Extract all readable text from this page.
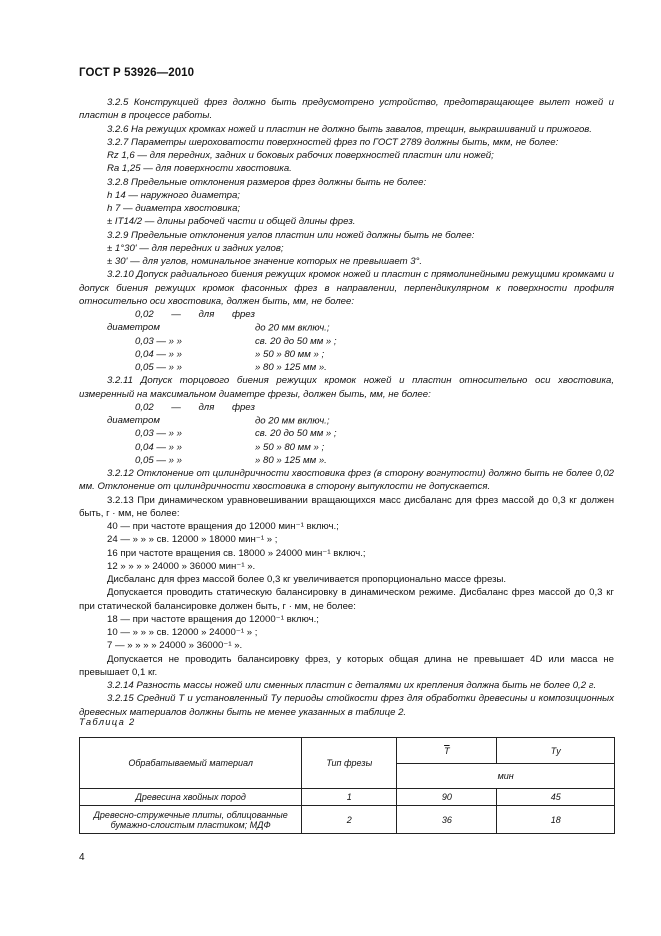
ГОСТ Р 53926—2010

3.2.5 Конструкцией фрез должно быть предусмотрено устройство, предотвращающее вылет ножей и пластин в процессе работы.

3.2.6 На режущих кромках ножей и пластин не должно быть завалов, трещин, выкрашиваний и прижогов.

3.2.7 Параметры шероховатости поверхностей фрез по ГОСТ 2789 должны быть, мкм, не более:

Rz 1,6 — для передних, задних и боковых рабочих поверхностей пластин или ножей;

Ra 1,25 — для поверхности хвостовика.

3.2.8 Предельные отклонения размеров фрез должны быть не более:

h 14 — наружного диаметра;

h 7 — диаметра хвостовика;

± IT14/2 — длины рабочей части и общей длины фрез.

3.2.9 Предельные отклонения углов пластин или ножей должны быть не более:

± 1°30' — для передних и задних углов;

± 30' — для углов, номинальное значение которых не превышает 3°.

3.2.10 Допуск радиального биения режущих кромок ножей и пластин с прямолинейными режущими кромками и допуск биения режущих кромок фасонных фрез в направлении, перпендикулярном к поверхности профиля относительно оси хвостовика, должен быть, мм, не более:

0,02 — для фрез диаметром	до 20 мм включ.;

0,03 — » »	св. 20 до 50 мм » ;

0,04 — » »	» 50 » 80 мм » ;

0,05 — » »	» 80 » 125 мм ».

3.2.11 Допуск торцового биения режущих кромок ножей и пластин относительно оси хвостовика, измеренный на максимальном диаметре фрезы, должен быть, мм, не более:

0,02 — для фрез диаметром	до 20 мм включ.;

0,03 — » »	св. 20 до 50 мм » ;

0,04 — » »	» 50 » 80 мм » ;

0,05 — » »	» 80 » 125 мм ».

3.2.12 Отклонение от цилиндричности хвостовика фрез (в сторону вогнутости) должно быть не более 0,02 мм. Отклонение от цилиндричности хвостовика в сторону выпуклости не допускается.

3.2.13 При динамическом уравновешивании вращающихся масс дисбаланс для фрез массой до 0,3 кг должен быть, г · мм, не более:

40 — при частоте вращения до 12000 мин⁻¹ включ.;

24 — » » » св. 12000 » 18000 мин⁻¹ » ;

16 при частоте вращения св. 18000 » 24000 мин⁻¹ включ.;

12 » » » » 24000 » 36000 мин⁻¹ ».

Дисбаланс для фрез массой более 0,3 кг увеличивается пропорционально массе фрезы.

Допускается проводить статическую балансировку в динамическом режиме. Дисбаланс фрез массой до 0,3 кг при статической балансировке должен быть, г · мм, не более:

18 — при частоте вращения до 12000⁻¹ включ.;

10 — » » » св. 12000 » 24000⁻¹ » ;

7 — » » » » 24000 » 36000⁻¹ ».

Допускается не проводить балансировку фрез, у которых общая длина не превышает 4D или масса не превышает 0,1 кг.

3.2.14 Разность массы ножей или сменных пластин с деталями их крепления должна быть не более 0,2 г.

3.2.15 Средний T и установленный Tу периоды стойкости фрез для обработки древесины и композиционных древесных материалов должны быть не менее указанных в таблице 2.

Таблица 2
Обрабатываемый материал	Тип фрезы	$\overline{T}$	Tу
		мин	
Древесина хвойных пород	1	90	45
Древесно-стружечные плиты, облицованные бумажно-слоистым пластиком; МДФ	2	36	18
4
